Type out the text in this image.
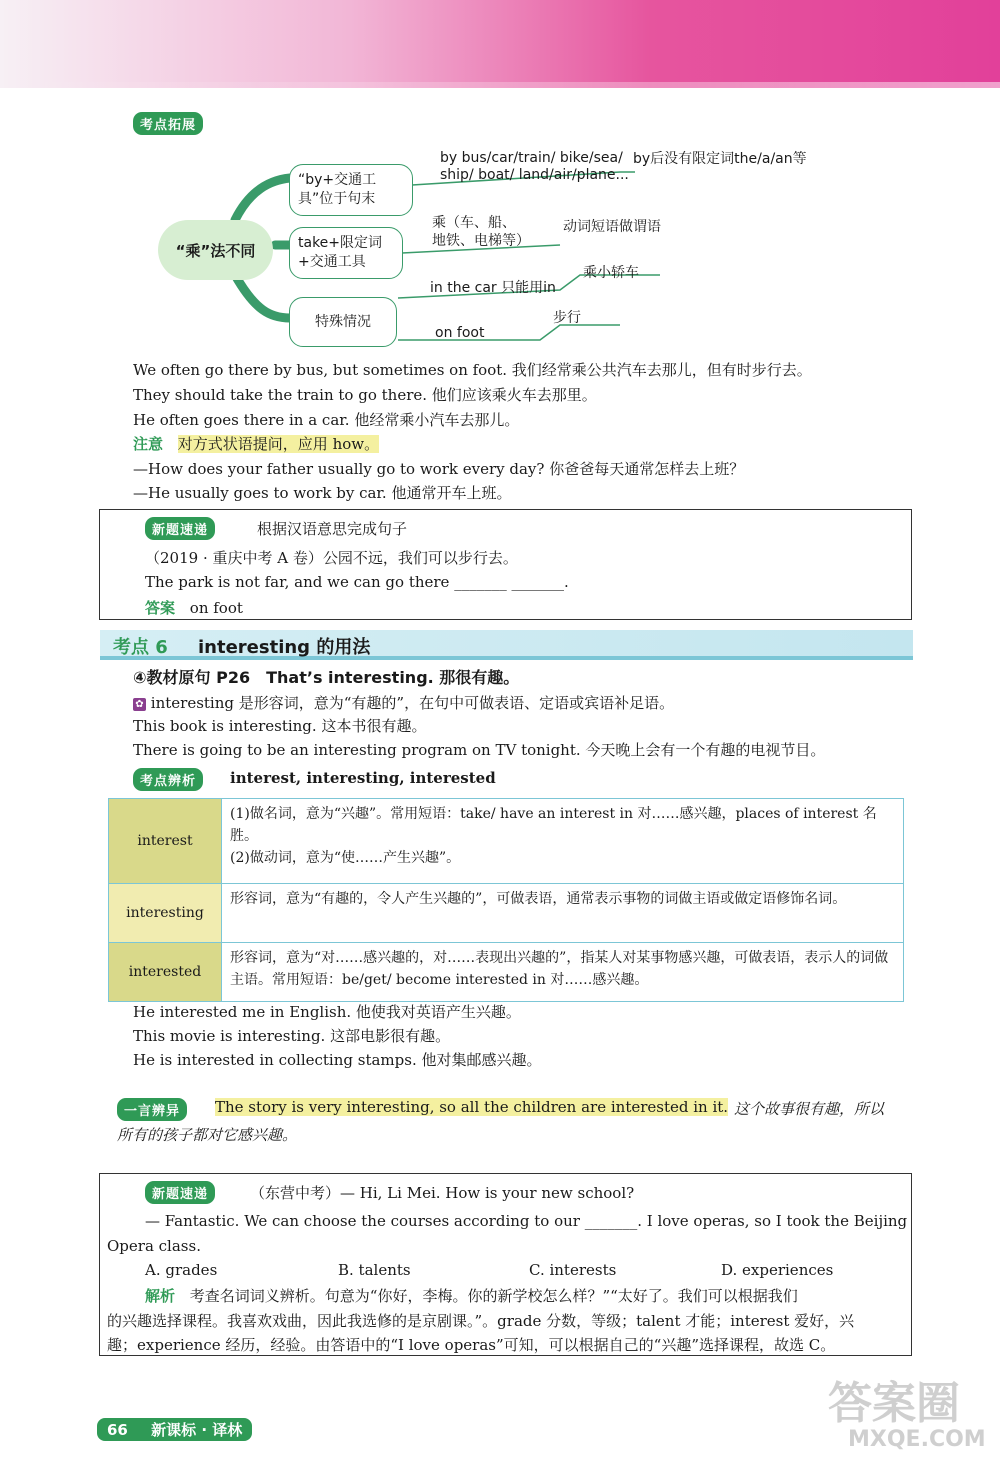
考点拓展
“乘”法不同
“by+交通工具”位于句末
take+限定词+交通工具
特殊情况
by bus/car/train/ bike/sea/
ship/ boat/ land/air/plane...
by后没有限定词the/a/an等
乘（车、船、
地铁、电梯等）
动词短语做谓语
in the car 只能用in
乘小轿车
on foot
步行
We often go there by bus, but sometimes on foot. 我们经常乘公共汽车去那儿，但有时步行去。
They should take the train to go there. 他们应该乘火车去那里。
He often goes there in a car. 他经常乘小汽车去那儿。
注意 对方式状语提问，应用 how。
—How does your father usually go to work every day? 你爸爸每天通常怎样去上班？
—He usually goes to work by car. 他通常开车上班。
新题速递	根据汉语意思完成句子
（2019 · 重庆中考 A 卷）公园不远，我们可以步行去。
The park is not far, and we can go there _______ _______.
答案 on foot
考点 6 interesting 的用法
④教材原句 P26　That’s interesting. 那很有趣。
✿ interesting 是形容词，意为“有趣的”，在句中可做表语、定语或宾语补足语。
This book is interesting. 这本书很有趣。
There is going to be an interesting program on TV tonight. 今天晚上会有一个有趣的电视节目。
考点辨析	interest, interesting, interested
interest	(1)做名词，意为“兴趣”。常用短语：take/ have an interest in 对……感兴趣，places of interest 名胜。
(2)做动词，意为“使……产生兴趣”。

interesting	形容词，意为“有趣的，令人产生兴趣的”，可做表语，通常表示事物的词做主语或做定语修饰名词。

interested	形容词，意为“对……感兴趣的，对……表现出兴趣的”，指某人对某事物感兴趣，可做表语，表示人的词做主语。常用短语：be/get/ become interested in 对……感兴趣。
He interested me in English. 他使我对英语产生兴趣。
This movie is interesting. 这部电影很有趣。
He is interested in collecting stamps. 他对集邮感兴趣。
一言辨异	The story is very interesting, so all the children are interested in it. 这个故事很有趣，所以
所有的孩子都对它感兴趣。
新题速递	（东营中考）— Hi, Li Mei. How is your new school?
— Fantastic. We can choose the courses according to our _______. I love operas, so I took the Beijing
Opera class.
A. grades	B. talents	C. interests	D. experiences
解析 考查名词词义辨析。句意为“你好，李梅。你的新学校怎么样？”“太好了。我们可以根据我们
的兴趣选择课程。我喜欢戏曲，因此我选修的是京剧课。”。grade 分数，等级；talent 才能；interest 爱好，兴
趣；experience 经历，经验。由答语中的“I love operas”可知，可以根据自己的“兴趣”选择课程，故选 C。
66 新课标 · 译林
答案圈
MXQE.COM
